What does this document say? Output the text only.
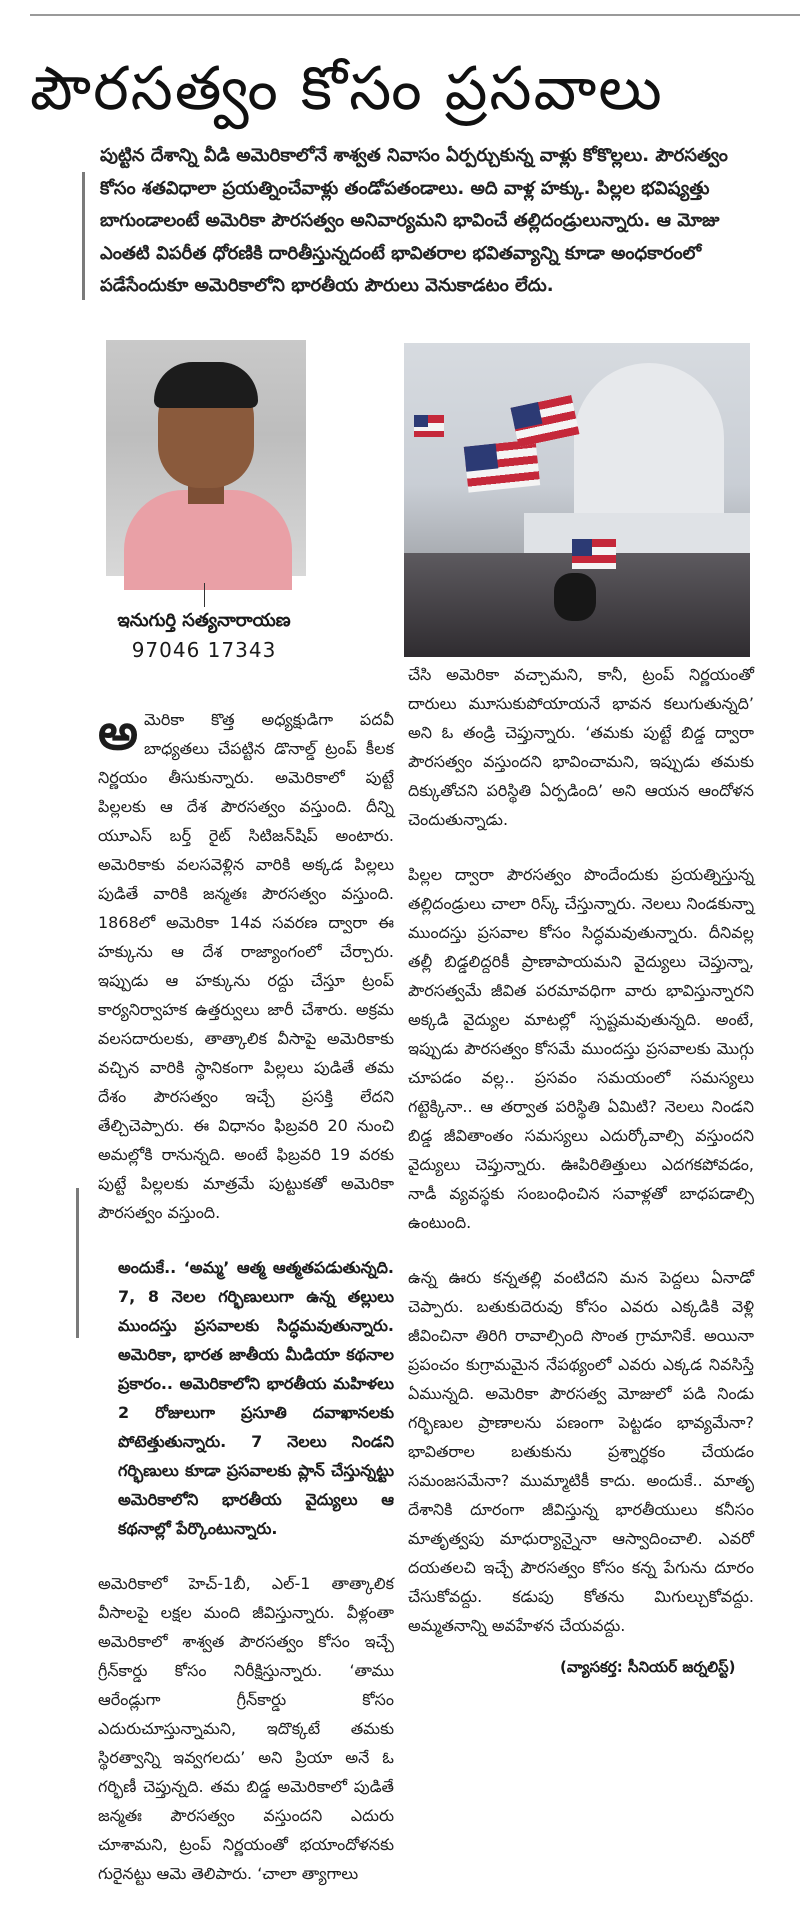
పౌరసత్వం కోసం ప్రసవాలు

పుట్టిన దేశాన్ని వీడి అమెరికాలోనే శాశ్వత నివాసం ఏర్పర్చుకున్న వాళ్లు కోకొల్లలు. పౌరసత్వం కోసం శతవిధాలా ప్రయత్నించేవాళ్లు తండోపతండాలు. అది వాళ్ల హక్కు. పిల్లల భవిష్యత్తు బాగుండాలంటే అమెరికా పౌరసత్వం అనివార్యమని భావించే తల్లిదండ్రులున్నారు. ఆ మోజు ఎంతటి విపరీత ధోరణికి దారితీస్తున్నదంటే భావితరాల భవితవ్యాన్ని కూడా అంధకారంలో పడేసేందుకూ అమెరికాలోని భారతీయ పౌరులు వెనుకాడటం లేదు.

ఇనుగుర్తి సత్యనారాయణ
97046 17343

అమెరికా కొత్త అధ్యక్షుడిగా పదవీ బాధ్యతలు చేపట్టిన డొనాల్డ్ ట్రంప్ కీలక నిర్ణయం తీసుకున్నారు. అమెరికాలో పుట్టే పిల్లలకు ఆ దేశ పౌరసత్వం వస్తుంది. దీన్ని యూఎస్ బర్త్ రైట్ సిటిజన్‌షిప్ అంటారు. అమెరికాకు వలసవెళ్లిన వారికి అక్కడ పిల్లలు పుడితే వారికి జన్మతః పౌరసత్వం వస్తుంది. 1868లో అమెరికా 14వ సవరణ ద్వారా ఈ హక్కును ఆ దేశ రాజ్యాంగంలో చేర్చారు. ఇప్పుడు ఆ హక్కును రద్దు చేస్తూ ట్రంప్ కార్యనిర్వాహక ఉత్తర్వులు జారీ చేశారు. అక్రమ వలసదారులకు, తాత్కాలిక వీసాపై అమెరికాకు వచ్చిన వారికి స్థానికంగా పిల్లలు పుడితే తమ దేశం పౌరసత్వం ఇచ్చే ప్రసక్తి లేదని తేల్చిచెప్పారు. ఈ విధానం ఫిబ్రవరి 20 నుంచి అమల్లోకి రానున్నది. అంటే ఫిబ్రవరి 19 వరకు పుట్టే పిల్లలకు మాత్రమే పుట్టుకతో అమెరికా పౌరసత్వం వస్తుంది.

అందుకే.. ‘అమ్మ’ ఆత్మ ఆత్మతపడుతున్నది. 7, 8 నెలల గర్భిణులుగా ఉన్న తల్లులు ముందస్తు ప్రసవాలకు సిద్ధమవుతున్నారు. అమెరికా, భారత జాతీయ మీడియా కథనాల ప్రకారం.. అమెరికాలోని భారతీయ మహిళలు 2 రోజులుగా ప్రసూతి దవాఖానలకు పోటెత్తుతున్నారు. 7 నెలలు నిండని గర్భిణులు కూడా ప్రసవాలకు ప్లాన్ చేస్తున్నట్టు అమెరికాలోని భారతీయ వైద్యులు ఆ కథనాల్లో పేర్కొంటున్నారు.

అమెరికాలో హెచ్-1బీ, ఎల్-1 తాత్కాలిక వీసాలపై లక్షల మంది జీవిస్తున్నారు. వీళ్లంతా అమెరికాలో శాశ్వత పౌరసత్వం కోసం ఇచ్చే గ్రీన్‌కార్డు కోసం నిరీక్షిస్తున్నారు. ‘తాము ఆరేండ్లుగా గ్రీన్‌కార్డు కోసం ఎదురుచూస్తున్నామని, ఇదొక్కటే తమకు స్థిరత్వాన్ని ఇవ్వగలదు’ అని ప్రియా అనే ఓ గర్భిణీ చెప్తున్నది. తమ బిడ్డ అమెరికాలో పుడితే జన్మతః పౌరసత్వం వస్తుందని ఎదురు చూశామని, ట్రంప్ నిర్ణయంతో భయాందోళనకు గురైనట్టు ఆమె తెలిపారు. ‘చాలా త్యాగాలు

చేసి అమెరికా వచ్చామని, కానీ, ట్రంప్ నిర్ణయంతో దారులు మూసుకుపోయాయనే భావన కలుగుతున్నది’ అని ఓ తండ్రి చెప్తున్నారు. ‘తమకు పుట్టే బిడ్డ ద్వారా పౌరసత్వం వస్తుందని భావించామని, ఇప్పుడు తమకు దిక్కుతోచని పరిస్థితి ఏర్పడింది’ అని ఆయన ఆందోళన చెందుతున్నాడు.

పిల్లల ద్వారా పౌరసత్వం పొందేందుకు ప్రయత్నిస్తున్న తల్లిదండ్రులు చాలా రిస్క్ చేస్తున్నారు. నెలలు నిండకున్నా ముందస్తు ప్రసవాల కోసం సిద్ధమవుతున్నారు. దీనివల్ల తల్లీ బిడ్డలిద్దరికీ ప్రాణాపాయమని వైద్యులు చెప్తున్నా, పౌరసత్వమే జీవిత పరమావధిగా వారు భావిస్తున్నారని అక్కడి వైద్యుల మాటల్లో స్పష్టమవుతున్నది. అంటే, ఇప్పుడు పౌరసత్వం కోసమే ముందస్తు ప్రసవాలకు మొగ్గు చూపడం వల్ల.. ప్రసవం సమయంలో సమస్యలు గట్టెక్కినా.. ఆ తర్వాత పరిస్థితి ఏమిటి? నెలలు నిండని బిడ్డ జీవితాంతం సమస్యలు ఎదుర్కోవాల్సి వస్తుందని వైద్యులు చెప్తున్నారు. ఊపిరితిత్తులు ఎదగకపోవడం, నాడీ వ్యవస్థకు సంబంధించిన సవాళ్లతో బాధపడాల్సి ఉంటుంది.

ఉన్న ఊరు కన్నతల్లి వంటిదని మన పెద్దలు ఏనాడో చెప్పారు. బతుకుదెరువు కోసం ఎవరు ఎక్కడికి వెళ్లి జీవించినా తిరిగి రావాల్సింది సొంత గ్రామానికే. అయినా ప్రపంచం కుగ్రామమైన నేపథ్యంలో ఎవరు ఎక్కడ నివసిస్తే ఏమున్నది. అమెరికా పౌరసత్వ మోజులో పడి నిండు గర్భిణుల ప్రాణాలను పణంగా పెట్టడం భావ్యమేనా? భావితరాల బతుకును ప్రశ్నార్థకం చేయడం సమంజసమేనా? ముమ్మాటికీ కాదు. అందుకే.. మాతృ దేశానికి దూరంగా జీవిస్తున్న భారతీయులు కనీసం మాతృత్వపు మాధుర్యాన్నైనా ఆస్వాదించాలి. ఎవరో దయతలచి ఇచ్చే పౌరసత్వం కోసం కన్న పేగును దూరం చేసుకోవద్దు. కడుపు కోతను మిగుల్చుకోవద్దు. అమ్మతనాన్ని అవహేళన చేయవద్దు.

(వ్యాసకర్త: సీనియర్ జర్నలిస్ట్)
